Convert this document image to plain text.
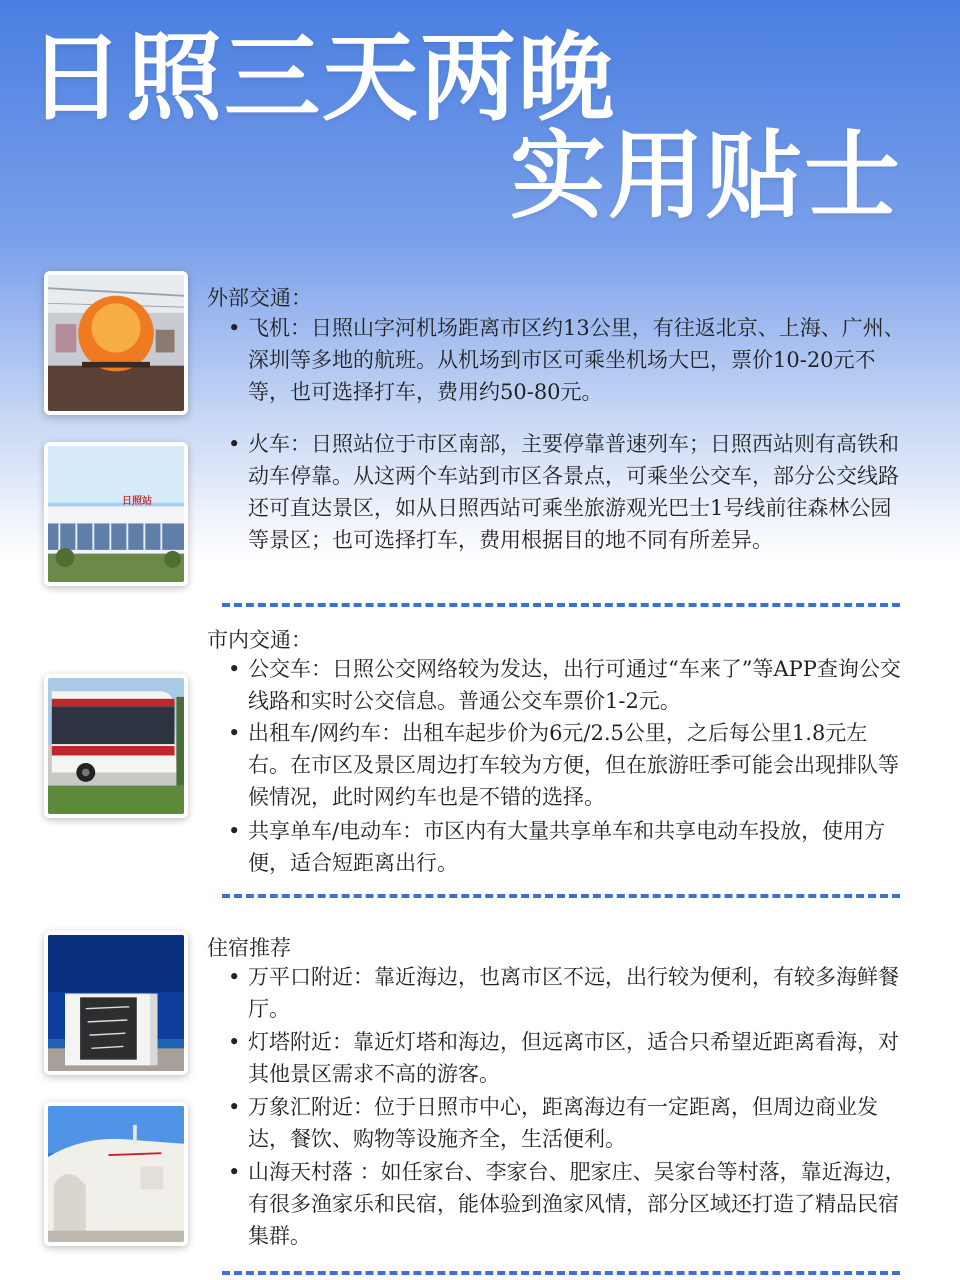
日照三天两晚
实用贴士
日照站
外部交通：
• 飞机：日照山字河机场距离市区约13公里，有往返北京、上海、广州、深圳等多地的航班。从机场到市区可乘坐机场大巴，票价10-20元不等，也可选择打车，费用约50-80元。
• 火车：日照站位于市区南部，主要停靠普速列车；日照西站则有高铁和动车停靠。从这两个车站到市区各景点，可乘坐公交车，部分公交线路还可直达景区，如从日照西站可乘坐旅游观光巴士1号线前往森林公园等景区；也可选择打车，费用根据目的地不同有所差异。
市内交通：
• 公交车：日照公交网络较为发达，出行可通过“车来了”等APP查询公交线路和实时公交信息。普通公交车票价1-2元。
• 出租车/网约车：出租车起步价为6元/2.5公里，之后每公里1.8元左右。在市区及景区周边打车较为方便，但在旅游旺季可能会出现排队等候情况，此时网约车也是不错的选择。
• 共享单车/电动车：市区内有大量共享单车和共享电动车投放，使用方便，适合短距离出行。
住宿推荐
• 万平口附近：靠近海边，也离市区不远，出行较为便利，有较多海鲜餐厅。
• 灯塔附近：靠近灯塔和海边，但远离市区，适合只希望近距离看海，对其他景区需求不高的游客。
• 万象汇附近：位于日照市中心，距离海边有一定距离，但周边商业发达，餐饮、购物等设施齐全，生活便利。
• 山海天村落 ：如任家台、李家台、肥家庄、吴家台等村落，靠近海边，有很多渔家乐和民宿，能体验到渔家风情，部分区域还打造了精品民宿集群。
